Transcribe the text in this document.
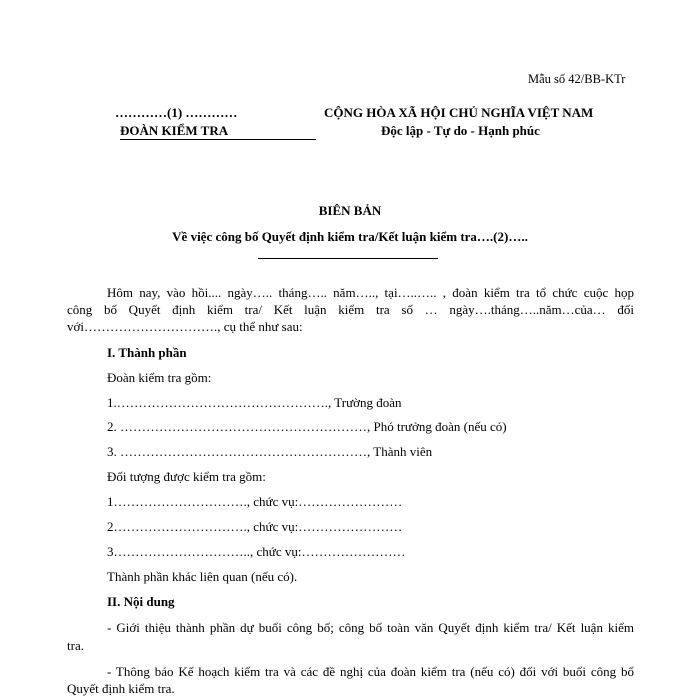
Mẫu số 42/BB-KTr
…………(1) …………
ĐOÀN KIỂM TRA
CỘNG HÒA XÃ HỘI CHỦ NGHĨA VIỆT NAM
Độc lập - Tự do - Hạnh phúc
BIÊN BẢN
Về việc công bố Quyết định kiểm tra/Kết luận kiểm tra….(2)…..
Hôm nay, vào hồi.... ngày….. tháng….. năm….., tại…..….. , đoàn kiểm tra tổ chức cuộc họp
công bố Quyết định kiểm tra/ Kết luận kiểm tra số … ngày….tháng…..năm…của… đối
với…………………………., cụ thể như sau:
I. Thành phần
Đoàn kiểm tra gồm:
1.…………………………………………., Trường đoàn
2. …………………………………………………, Phó trưởng đoàn (nếu có)
3. …………………………………………………, Thành viên
Đối tượng được kiểm tra gồm:
1…………………………., chức vụ:……………………
2…………………………., chức vụ:……………………
3………………………….., chức vụ:……………………
Thành phần khác liên quan (nếu có).
II. Nội dung
- Giới thiệu thành phần dự buổi công bố; công bố toàn văn Quyết định kiểm tra/ Kết luận kiểm
tra.
- Thông báo Kế hoạch kiểm tra và các đề nghị của đoàn kiểm tra (nếu có) đối với buổi công bố
Quyết định kiểm tra.
